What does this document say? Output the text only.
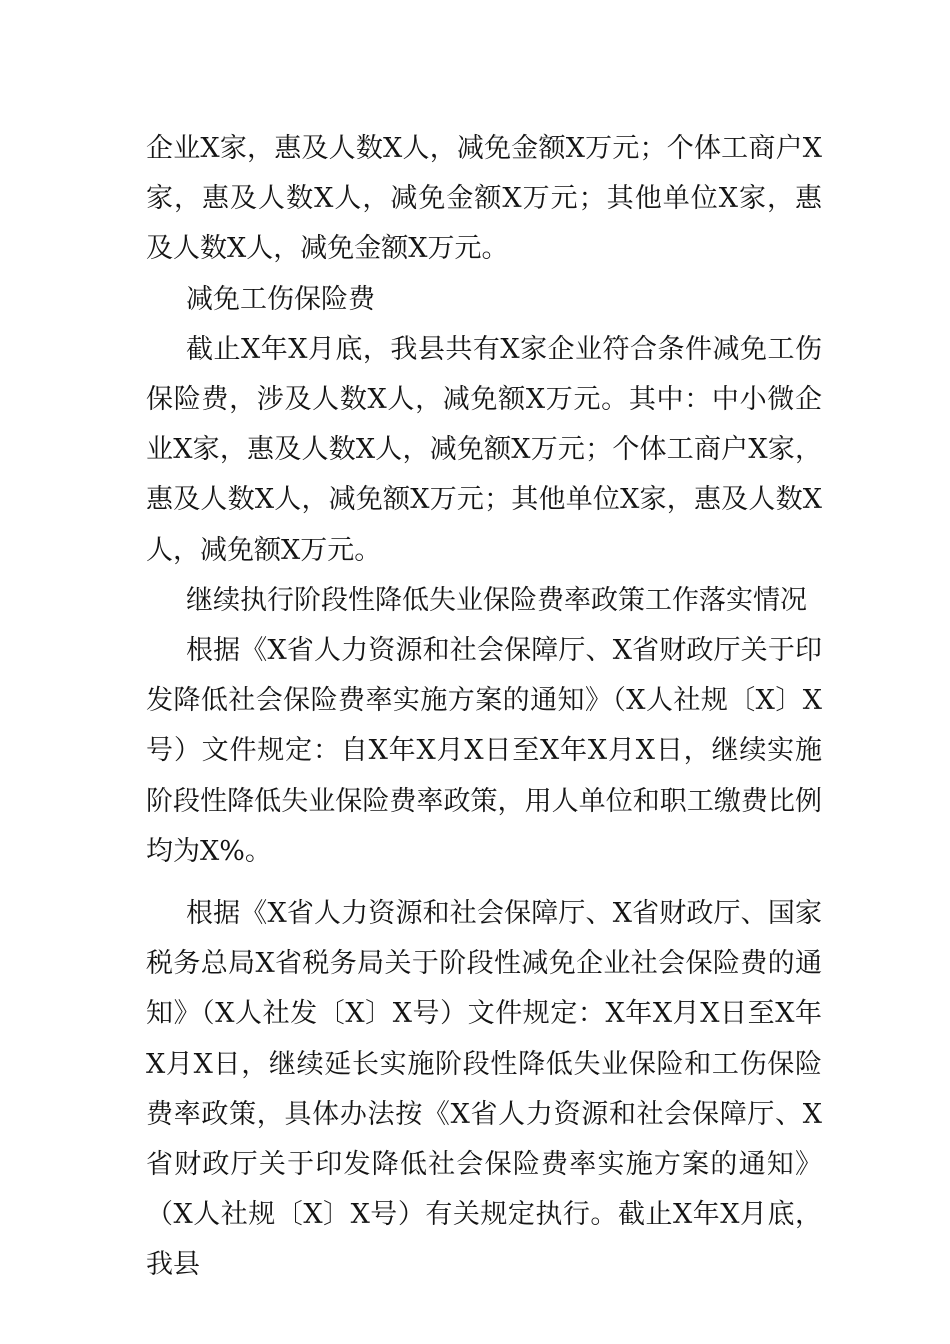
企业X家，惠及人数X人，减免金额X万元；个体工商户X家，惠及人数X人，减免金额X万元；其他单位X家，惠及人数X人，减免金额X万元。

减免工伤保险费

截止X年X月底，我县共有X家企业符合条件减免工伤保险费，涉及人数X人，减免额X万元。其中：中小微企业X家，惠及人数X人，减免额X万元；个体工商户X家，惠及人数X人，减免额X万元；其他单位X家，惠及人数X人，减免额X万元。

继续执行阶段性降低失业保险费率政策工作落实情况

根据《X省人力资源和社会保障厅、X省财政厅关于印发降低社会保险费率实施方案的通知》（X人社规〔X〕X号）文件规定：自X年X月X日至X年X月X日，继续实施阶段性降低失业保险费率政策，用人单位和职工缴费比例均为X%。

根据《X省人力资源和社会保障厅、X省财政厅、国家税务总局X省税务局关于阶段性减免企业社会保险费的通知》（X人社发〔X〕X号）文件规定：X年X月X日至X年X月X日，继续延长实施阶段性降低失业保险和工伤保险费率政策，具体办法按《X省人力资源和社会保障厅、X省财政厅关于印发降低社会保险费率实施方案的通知》（X人社规〔X〕X号）有关规定执行。截止X年X月底，我县
